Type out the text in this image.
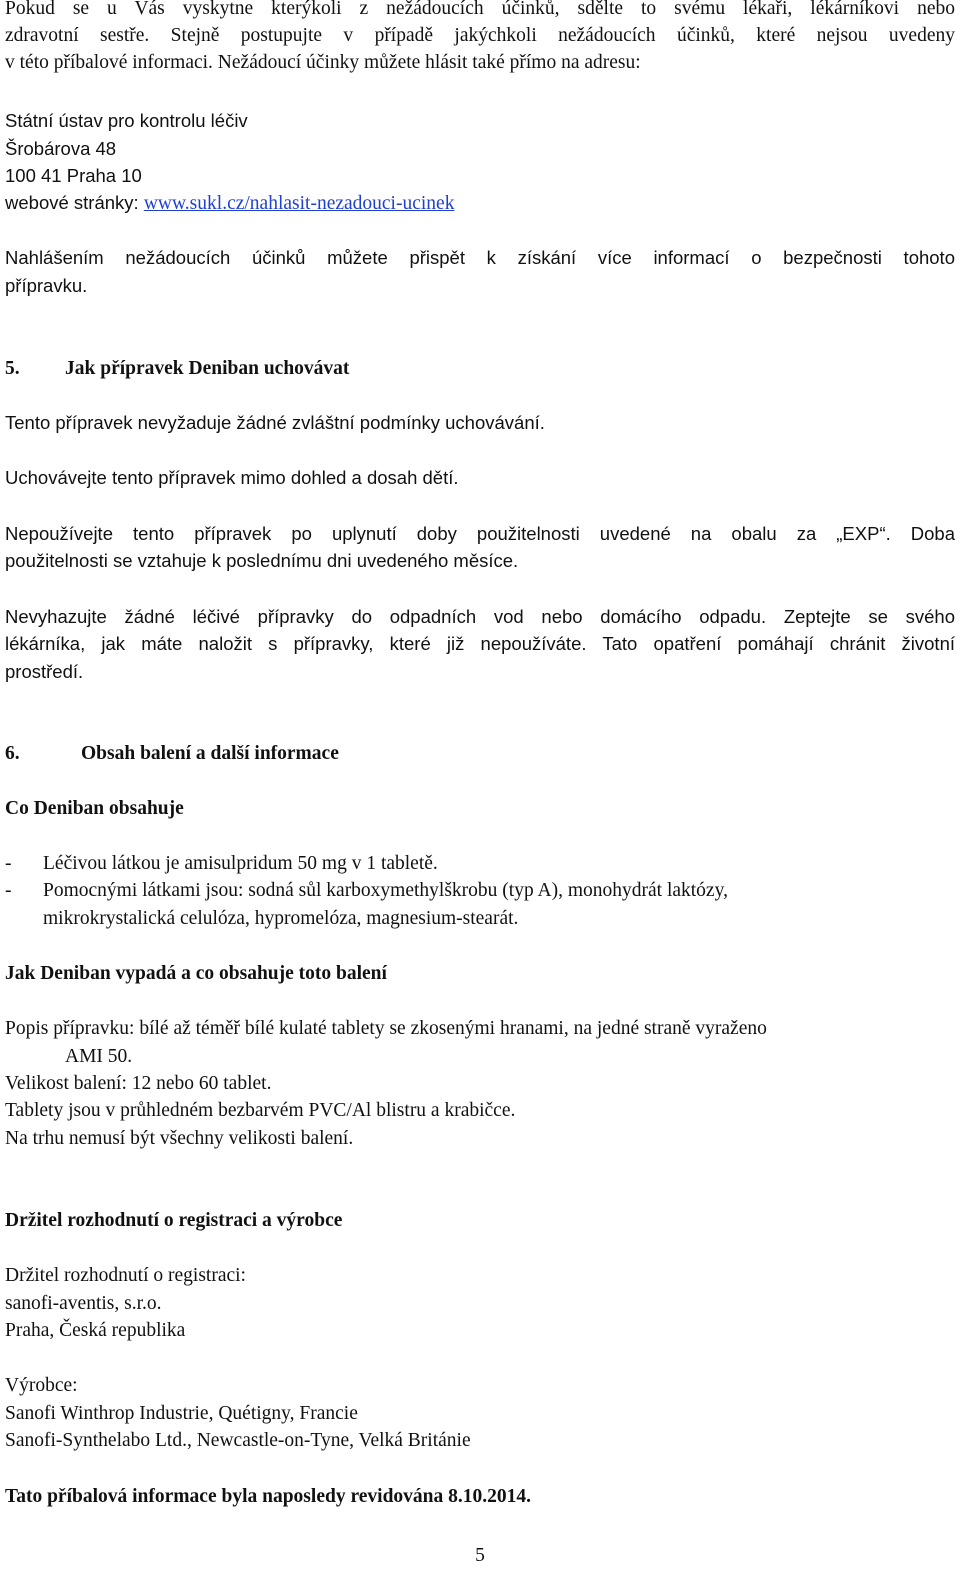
Pokud se u Vás vyskytne kterýkoli z nežádoucích účinků, sdělte to svému lékaři, lékárníkovi nebo
zdravotní sestře. Stejně postupujte v případě jakýchkoli nežádoucích účinků, které nejsou uvedeny
v této příbalové informaci. Nežádoucí účinky můžete hlásit také přímo na adresu:
Státní ústav pro kontrolu léčiv
Šrobárova 48
100 41 Praha 10
webové stránky: www.sukl.cz/nahlasit-nezadouci-ucinek
Nahlášením nežádoucích účinků můžete přispět k získání více informací o bezpečnosti tohoto
přípravku.
5. Jak přípravek Deniban uchovávat
Tento přípravek nevyžaduje žádné zvláštní podmínky uchovávání.
Uchovávejte tento přípravek mimo dohled a dosah dětí.
Nepoužívejte tento přípravek po uplynutí doby použitelnosti uvedené na obalu za „EXP“. Doba
použitelnosti se vztahuje k poslednímu dni uvedeného měsíce.
Nevyhazujte žádné léčivé přípravky do odpadních vod nebo domácího odpadu. Zeptejte se svého
lékárníka, jak máte naložit s přípravky, které již nepoužíváte. Tato opatření pomáhají chránit životní
prostředí.
6.	Obsah balení a další informace
Co Deniban obsahuje
- Léčivou látkou je amisulpridum 50 mg v 1 tabletě.
- Pomocnými látkami jsou: sodná sůl karboxymethylškrobu (typ A), monohydrát laktózy,
mikrokrystalická celulóza, hypromelóza, magnesium-stearát.
Jak Deniban vypadá a co obsahuje toto balení
Popis přípravku: bílé až téměř bílé kulaté tablety se zkosenými hranami, na jedné straně vyraženo
AMI 50.
Velikost balení: 12 nebo 60 tablet.
Tablety jsou v průhledném bezbarvém PVC/Al blistru a krabičce.
Na trhu nemusí být všechny velikosti balení.
Držitel rozhodnutí o registraci a výrobce
Držitel rozhodnutí o registraci:
sanofi-aventis, s.r.o.
Praha, Česká republika
Výrobce:
Sanofi Winthrop Industrie, Quétigny, Francie
Sanofi-Synthelabo Ltd., Newcastle-on-Tyne, Velká Británie
Tato příbalová informace byla naposledy revidována 8.10.2014.
5
